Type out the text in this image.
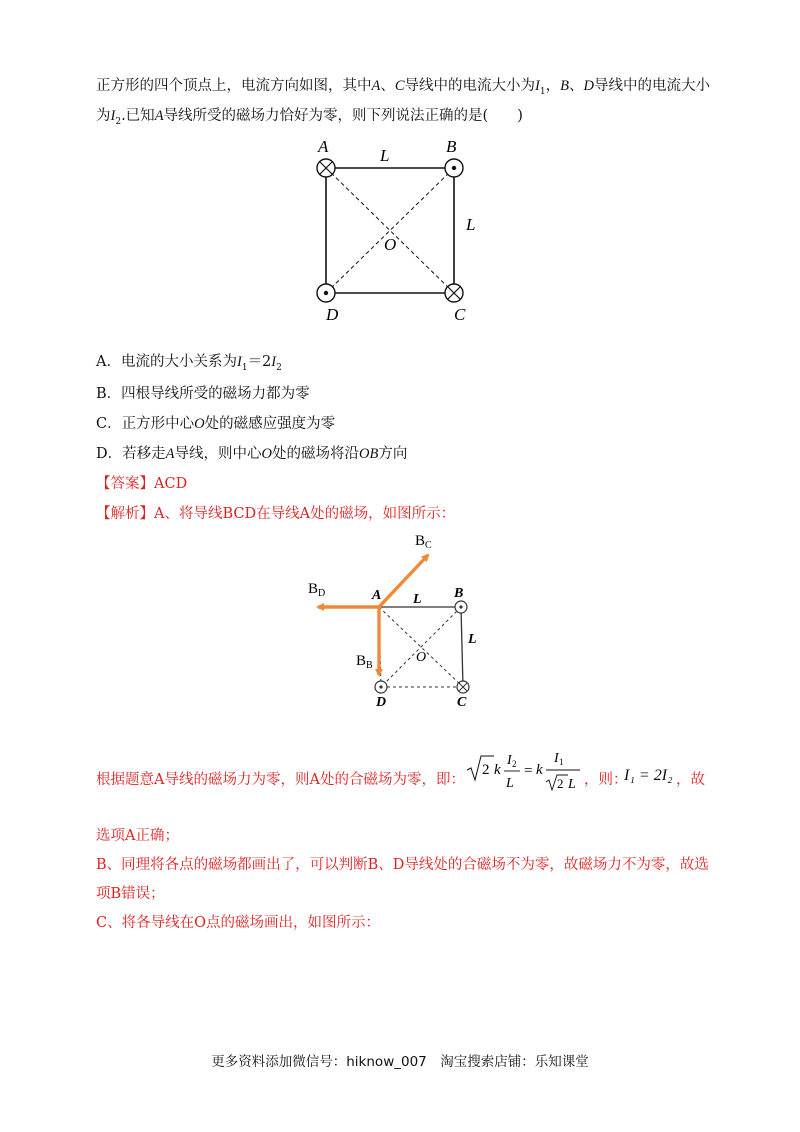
正方形的四个顶点上，电流方向如图，其中A、C导线中的电流大小为$I_1$，B、D导线中的电流大小
为$I_2$.已知A导线所受的磁场力恰好为零，则下列说法正确的是(　　)
A	B
C
D
O
L
L
A．电流的大小关系为$I_1=2I_2$
B．四根导线所受的磁场力都为零
C．正方形中心O处的磁感应强度为零
D．若移走A导线，则中心O处的磁场将沿OB方向
【答案】ACD
【解析】A、将导线BCD在导线A处的磁场，如图所示：
$B_C$
$B_D$
$B_B$
A	B
C
D
O
L
L
根据题意A导线的磁场力为零，则A处的合磁场为零，即：
2 k
I 2
L
= k
I 1
2 L ，则：
I₁ = 2I₂ ，故
选项A正确；
B、同理将各点的磁场都画出了，可以判断B、D导线处的合磁场不为零，故磁场力不为零，故选
项B错误；
C、将各导线在O点的磁场画出，如图所示：
更多资料添加微信号：hiknow_007　淘宝搜索店铺：乐知课堂
